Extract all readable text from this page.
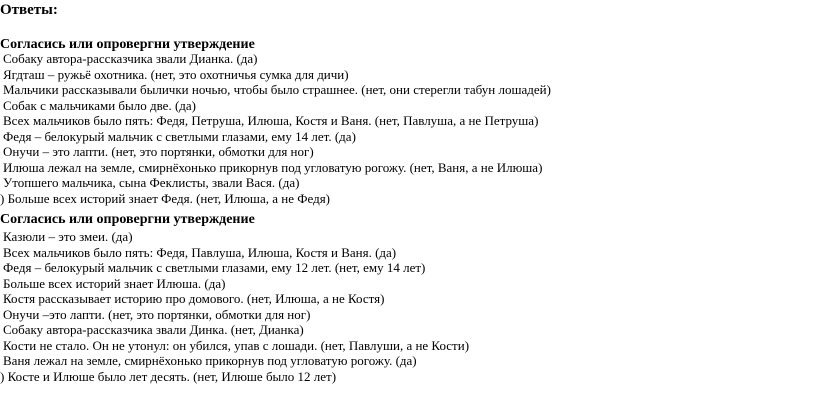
Ответы:
Согласись или опровергни утверждение
Собаку автора-рассказчика звали Дианка. (да)
Ягдташ – ружьё охотника. (нет, это охотничья сумка для дичи)
Мальчики рассказывали былички ночью, чтобы было страшнее. (нет, они стерегли табун лошадей)
Собак с мальчиками было две. (да)
Всех мальчиков было пять: Федя, Петруша, Илюша, Костя и Ваня. (нет, Павлуша, а не Петруша)
Федя – белокурый мальчик с светлыми глазами, ему 14 лет. (да)
Онучи – это лапти. (нет, это портянки, обмотки для ног)
Илюша лежал на земле, смирнёхонько прикорнув под угловатую рогожу. (нет, Ваня, а не Илюша)
Утопшего мальчика, сына Феклисты, звали Вася. (да)
) Больше всех историй знает Федя. (нет, Илюша, а не Федя)
Согласись или опровергни утверждение
Казюли – это змеи. (да)
Всех мальчиков было пять: Федя, Павлуша, Илюша, Костя и Ваня. (да)
Федя – белокурый мальчик с светлыми глазами, ему 12 лет. (нет, ему 14 лет)
Больше всех историй знает Илюша. (да)
Костя рассказывает историю про домового. (нет, Илюша, а не Костя)
Онучи –это лапти. (нет, это портянки, обмотки для ног)
Собаку автора-рассказчика звали Динка. (нет, Дианка)
Кости не стало. Он не утонул: он убился, упав с лошади. (нет, Павлуши, а не Кости)
Ваня лежал на земле, смирнёхонько прикорнув под угловатую рогожу. (да)
) Косте и Илюше было лет десять. (нет, Илюше было 12 лет)
